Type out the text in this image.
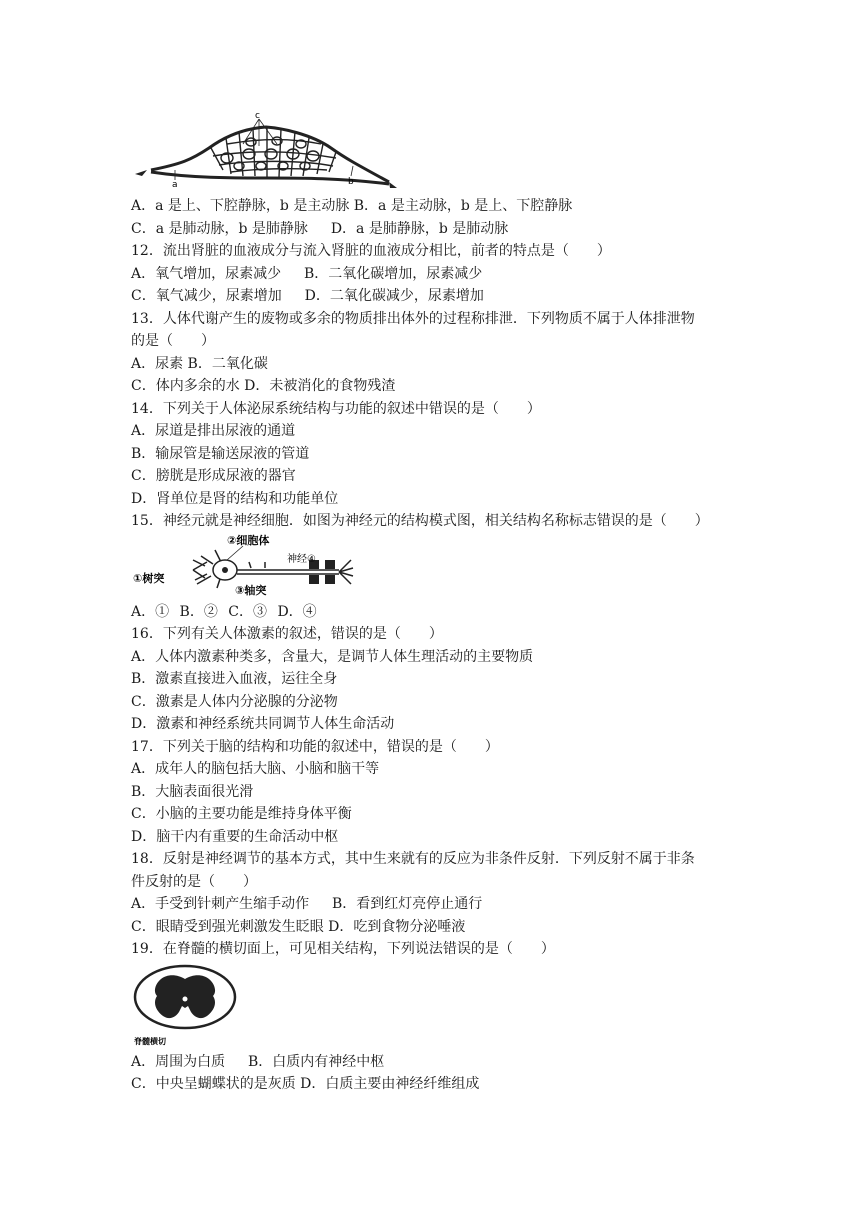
c
a	b
A．a 是上、下腔静脉，b 是主动脉 B．a 是主动脉，b 是上、下腔静脉
C．a 是肺动脉，b 是肺静脉 　 D．a 是肺静脉，b 是肺动脉
12．流出肾脏的血液成分与流入肾脏的血液成分相比，前者的特点是（　　）
A．氧气增加，尿素减少 　 B．二氧化碳增加，尿素减少
C．氧气减少，尿素增加 　 D．二氧化碳减少，尿素增加
13．人体代谢产生的废物或多余的物质排出体外的过程称排泄．下列物质不属于人体排泄物
的是（　　）
A．尿素 B．二氧化碳
C．体内多余的水 D．未被消化的食物残渣
14．下列关于人体泌尿系统结构与功能的叙述中错误的是（　　）
A．尿道是排出尿液的通道
B．输尿管是输送尿液的管道
C．膀胱是形成尿液的器官
D．肾单位是肾的结构和功能单位
15．神经元就是神经细胞．如图为神经元的结构模式图，相关结构名称标志错误的是（　　）
①树突
②细胞体
③轴突
神经④
A．① B．② C．③ D．④
16．下列有关人体激素的叙述，错误的是（　　）
A．人体内激素种类多，含量大，是调节人体生理活动的主要物质
B．激素直接进入血液，运往全身
C．激素是人体内分泌腺的分泌物
D．激素和神经系统共同调节人体生命活动
17．下列关于脑的结构和功能的叙述中，错误的是（　　）
A．成年人的脑包括大脑、小脑和脑干等
B．大脑表面很光滑
C．小脑的主要功能是维持身体平衡
D．脑干内有重要的生命活动中枢
18．反射是神经调节的基本方式，其中生来就有的反应为非条件反射．下列反射不属于非条
件反射的是（　　）
A．手受到针刺产生缩手动作 　 B．看到红灯亮停止通行
C．眼睛受到强光刺激发生眨眼 D．吃到食物分泌唾液
19．在脊髓的横切面上，可见相关结构，下列说法错误的是（　　）
脊髓横切
A．周围为白质 　 B．白质内有神经中枢
C．中央呈蝴蝶状的是灰质 D．白质主要由神经纤维组成
